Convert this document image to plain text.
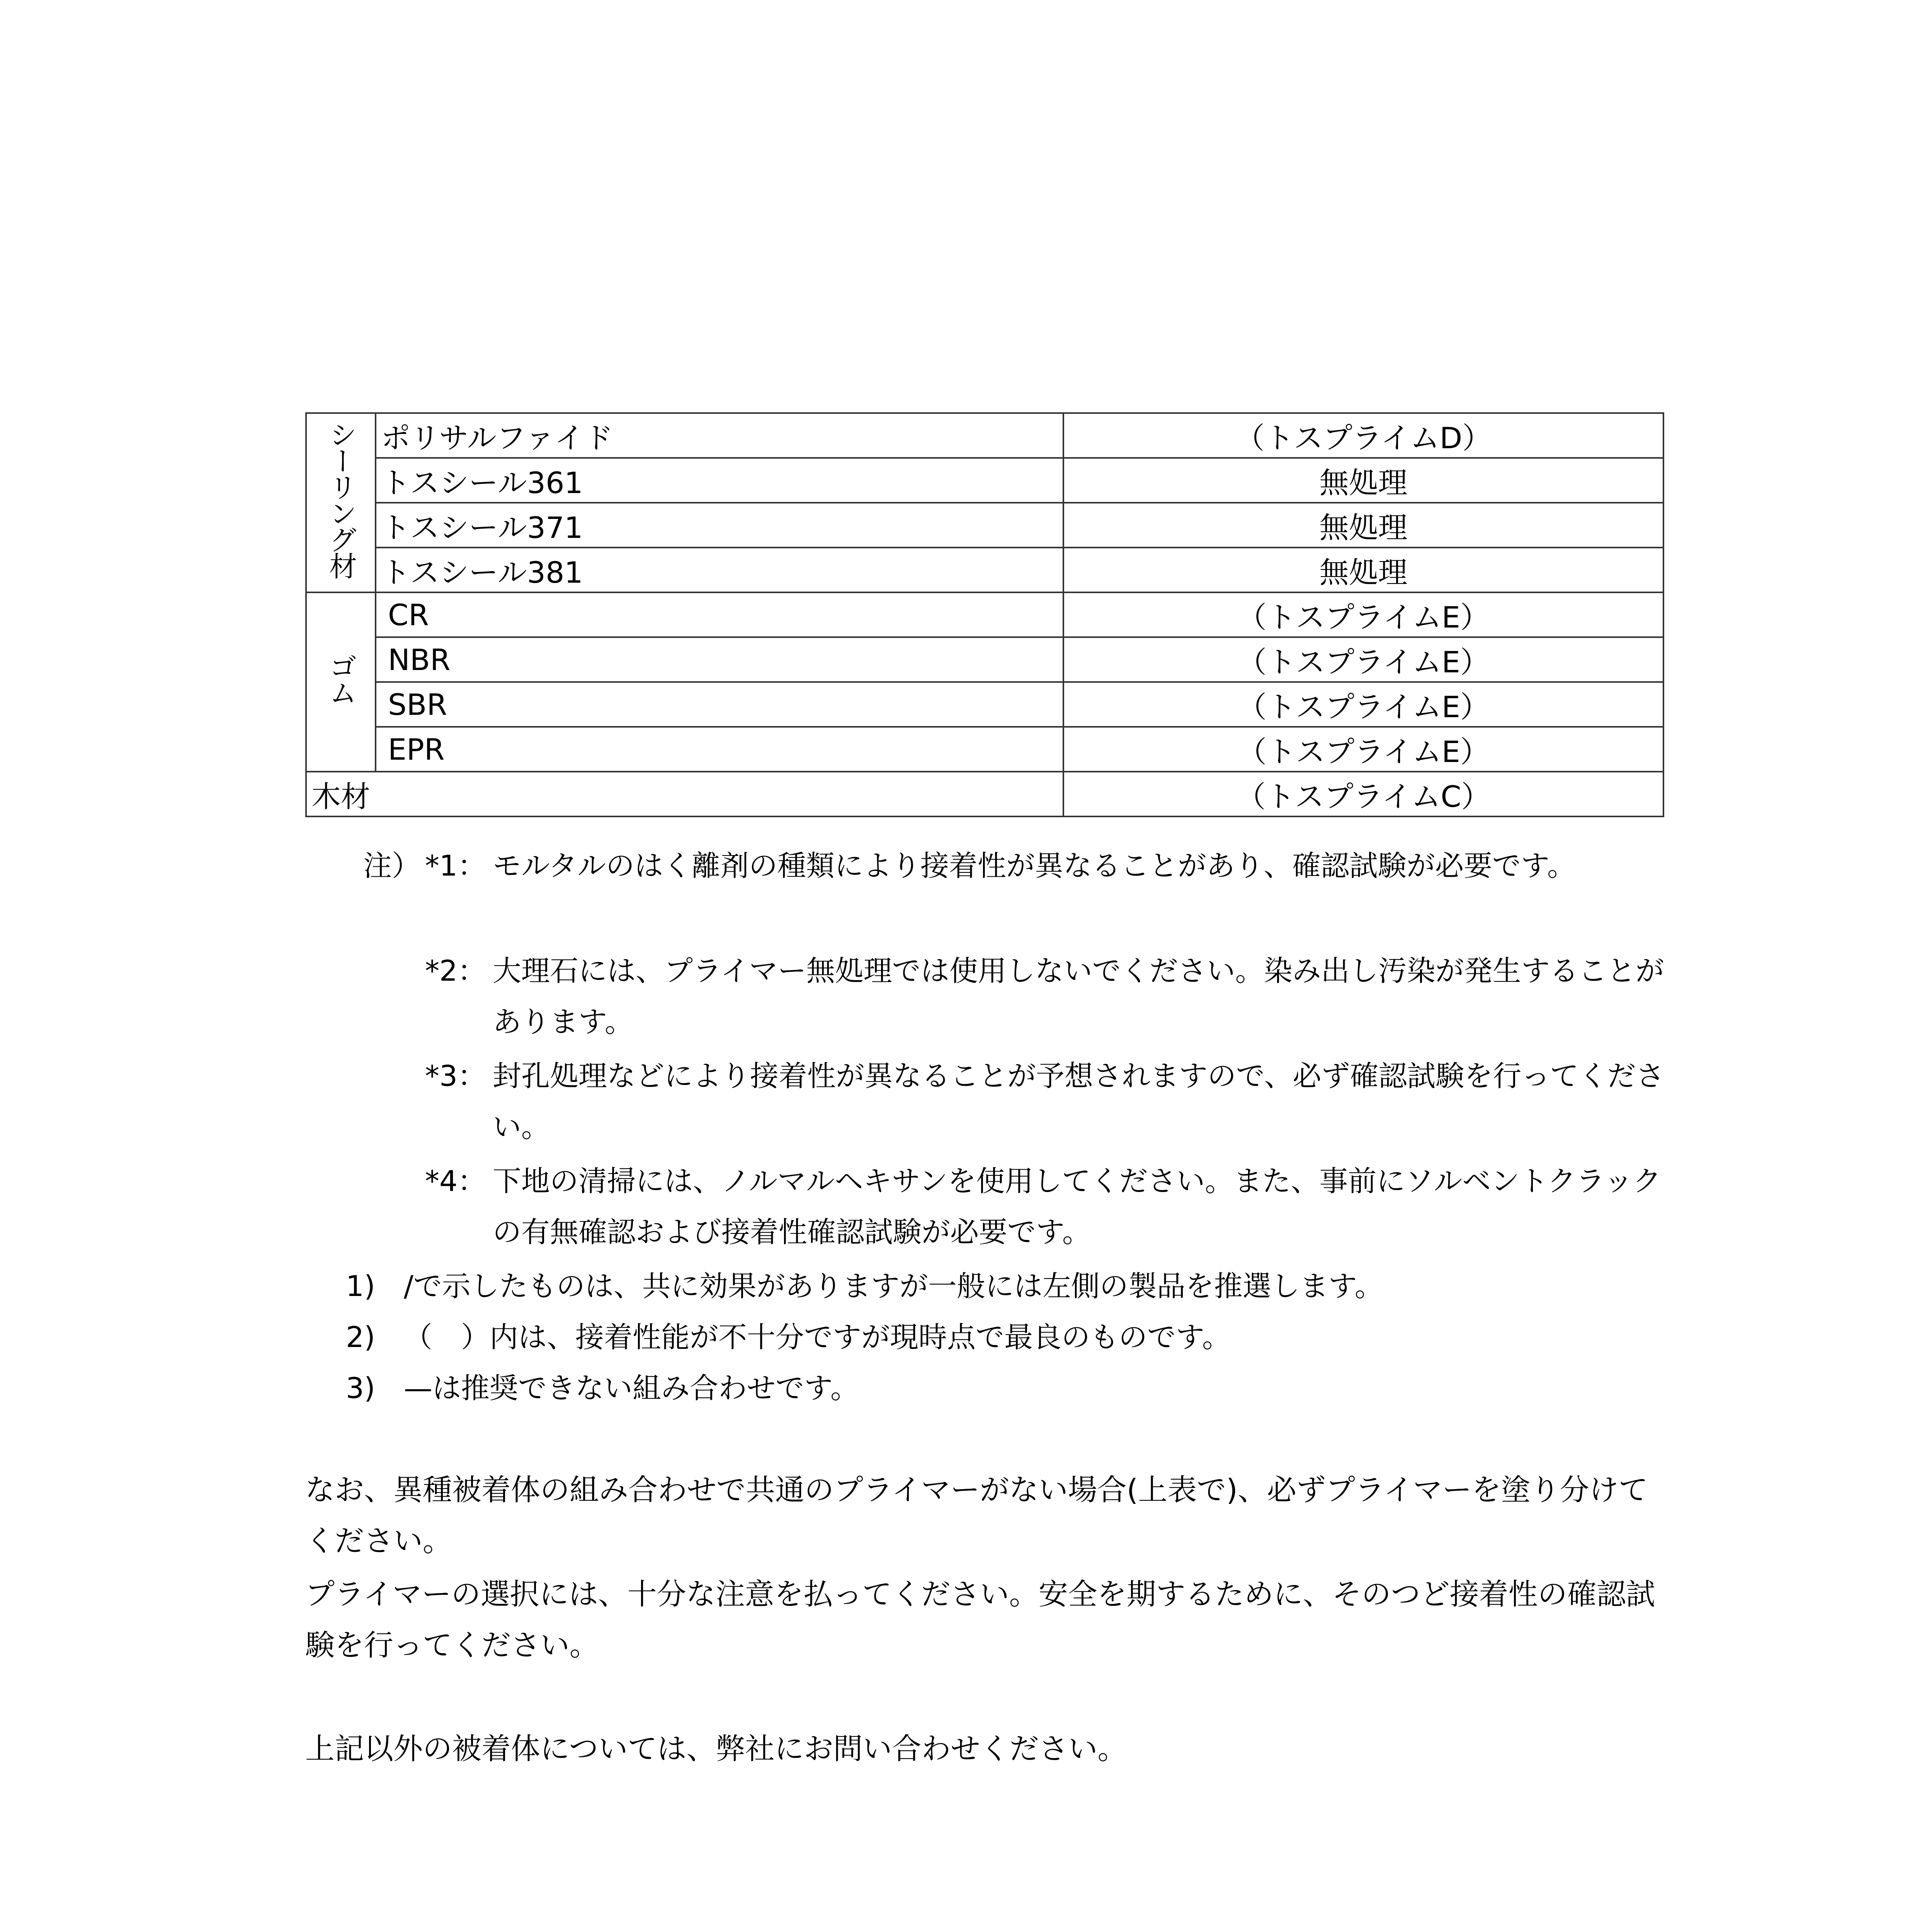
シーリング材	ポリサルファイド	（トスプライムD）
	トスシール361	無処理
	トスシール371	無処理
	トスシール381	無処理
ゴム	CR	（トスプライムE）
	NBR	（トスプライムE）
	SBR	（トスプライムE）
	EPR	（トスプライムE）
木材		（トスプライムC）
注） *1： モルタルのはく離剤の種類により接着性が異なることがあり、確認試験が必要です。
*2： 大理石には、プライマー無処理では使用しないでください。染み出し汚染が発生することがあります。
*3： 封孔処理などにより接着性が異なることが予想されますので、必ず確認試験を行ってください。
*4： 下地の清掃には、ノルマルヘキサンを使用してください。また、事前にソルベントクラックの有無確認および接着性確認試験が必要です。
1) /で示したものは、共に効果がありますが一般には左側の製品を推選します。
2) （　）内は、接着性能が不十分ですが現時点で最良のものです。
3) —は推奨できない組み合わせです。
なお、異種被着体の組み合わせで共通のプライマーがない場合(上表で)、必ずプライマーを塗り分けてください。
プライマーの選択には、十分な注意を払ってください。安全を期するために、そのつど接着性の確認試験を行ってください。
上記以外の被着体については、弊社にお問い合わせください。
